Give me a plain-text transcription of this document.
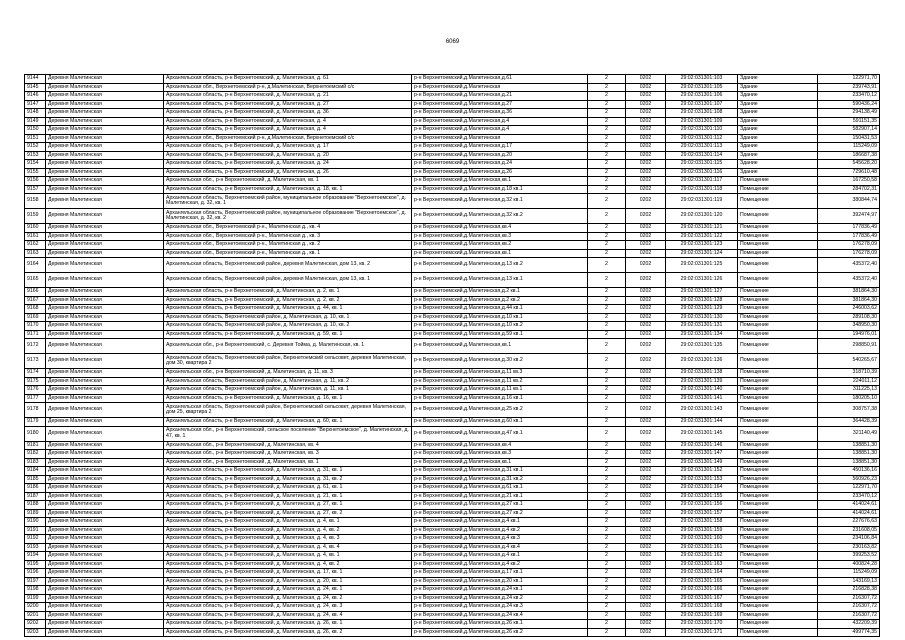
6069
9144	Деревня Малетинская	Архангельская область, р-н Верхнетоемский, д. Малетинская, д. 61	р-н Верхнетоемский,д.Малетинская,д.61	2	0202	29:02:031301:103	Здание	122971,70
9145	Деревня Малетинская	Архангельская обл., Верхнетоемский р-н, д.Малетинская, Верхнетоемский с/с	р-н Верхнетоемский,д.Малетинская	2	0202	29:02:031301:105	Здание	239743,91
9146	Деревня Малетинская	Архангельская область, р-н Верхнетоемский, д. Малетинская, д. 21	р-н Верхнетоемский,д.Малетинская,д.21	2	0202	29:02:031301:106	Здание	233470,12
9147	Деревня Малетинская	Архангельская область, р-н Верхнетоемский, д. Малетинская, д. 27	р-н Верхнетоемский,д.Малетинская,д.27	2	0202	29:02:031301:107	Здание	590436,24
9148	Деревня Малетинская	Архангельская область, р-н Верхнетоемский, д. Малетинская, д. 36	р-н Верхнетоемский,д.Малетинская,д.36	2	0202	29:02:031301:108	Здание	294138,49
9149	Деревня Малетинская	Архангельская область, р-н Верхнетоемский, д. Малетинская, д. 4	р-н Верхнетоемский,д.Малетинская,д.4	2	0202	29:02:031301:109	Здание	591151,35
9150	Деревня Малетинская	Архангельская область, р-н Верхнетоемский, д. Малетинская, д. 4	р-н Верхнетоемский,д.Малетинская,д.4	2	0202	29:02:031301:110	Здание	582907,14
9151	Деревня Малетинская	Архангельская обл., Верхнетоемский р-н, д.Малетинская, Верхнетоемский с/с	р-н Верхнетоемский,д.Малетинская	2	0202	29:02:031301:112	Здание	150431,53
9152	Деревня Малетинская	Архангельская область, р-н Верхнетоемский, д. Малетинская, д. 17	р-н Верхнетоемский,д.Малетинская,д.17	2	0202	29:02:031301:113	Здание	115249,09
9153	Деревня Малетинская	Архангельская область, р-н Верхнетоемский, д. Малетинская, д. 20	р-н Верхнетоемский,д.Малетинская,д.20	2	0202	29:02:031301:114	Здание	186687,38
9154	Деревня Малетинская	Архангельская область, р-н Верхнетоемский, д. Малетинская, д. 24	р-н Верхнетоемский,д.Малетинская,д.24	2	0202	29:02:031301:115	Здание	545628,20
9155	Деревня Малетинская	Архангельская область, р-н Верхнетоемский, д. Малетинская, д. 26	р-н Верхнетоемский,д.Малетинская,д.26	2	0202	29:02:031301:116	Здание	729610,48
9156	Деревня Малетинская	Архангельская обл., р-н Верхнетоемский, д. Малетинская, кв. 1	р-н Верхнетоемский,д.Малетинская,кв.1	2	0202	29:02:031301:117	Помещение	167250,58
9157	Деревня Малетинская	Архангельская область, р-н Верхнетоемский, д. Малетинская, д. 18, кв. 1	р-н Верхнетоемский,д.Малетинская,д.18 кв.1	2	0202	29:02:031301:118	Помещение	284702,31
9158	Деревня Малетинская	Архангельская область, Верхнетоемский район, муниципальное образование "Верхнетоемское", д. Малетинская, д. 32, кв. 1	р-н Верхнетоемский,д.Малетинская,д.32 кв.1	2	0202	29:02:031301:119	Помещение	380844,74
9159	Деревня Малетинская	Архангельская область, Верхнетоемский район, муниципальное образование "Верхнетоемское", д. Малетинская, д. 32, кв. 2	р-н Верхнетоемский,д.Малетинская,д.32 кв.2	2	0202	29:02:031301:120	Помещение	392474,97
9160	Деревня Малетинская	Архангельская обл., Верхнетоемский р-н., Малетинская д., кв. 4	р-н Верхнетоемский,д.Малетинская,кв.4	2	0202	29:02:031301:121	Помещение	177836,49
9161	Деревня Малетинская	Архангельская обл., Верхнетоемский р-н., Малетинская д., кв. 3	р-н Верхнетоемский,д.Малетинская,кв.3	2	0202	29:02:031301:122	Помещение	177836,49
9162	Деревня Малетинская	Архангельская обл., Верхнетоемский р-н., Малетинская д., кв. 2	р-н Верхнетоемский,д.Малетинская,кв.2	2	0202	29:02:031301:123	Помещение	176278,09
9163	Деревня Малетинская	Архангельская обл., Верхнетоемский р-н., Малетинская д., кв. 1	р-н Верхнетоемский,д.Малетинская,кв.1	2	0202	29:02:031301:124	Помещение	176278,09
9164	Деревня Малетинская	Архангельская область, Верхнетоемский район, деревня Малетинская, дом 13, кв. 2	р-н Верхнетоемский,д.Малетинская,д.13 кв.2	2	0202	29:02:031301:125	Помещение	435372,40
9165	Деревня Малетинская	Архангельская область, Верхнетоемский район, деревня Малетинская, дом 13, кв. 1	р-н Верхнетоемский,д.Малетинская,д.13 кв.1	2	0202	29:02:031301:126	Помещение	435372,40
9166	Деревня Малетинская	Архангельская область, р-н Верхнетоемский, д. Малетинская, д. 2, кв. 1	р-н Верхнетоемский,д.Малетинская,д.2 кв.1	2	0202	29:02:031301:127	Помещение	381864,30
9167	Деревня Малетинская	Архангельская область, р-н Верхнетоемский, д. Малетинская, д. 2, кв. 2	р-н Верхнетоемский,д.Малетинская,д.2 кв.2	2	0202	29:02:031301:128	Помещение	381864,30
9168	Деревня Малетинская	Архангельская область, р-н Верхнетоемский, д. Малетинская, д. 44, кв. 1	р-н Верхнетоемский,д.Малетинская,д.44 кв.1	2	0202	29:02:031301:129	Помещение	246003,62
9169	Деревня Малетинская	Архангельская область, Верхнетоемский район, д. Малетинская, д. 10, кв. 1	р-н Верхнетоемский,д.Малетинская,д.10 кв.1	2	0202	29:02:031301:130	Помещение	289108,30
9170	Деревня Малетинская	Архангельская область, Верхнетоемский район, д. Малетинская, д. 10, кв. 2	р-н Верхнетоемский,д.Малетинская,д.10 кв.2	2	0202	29:02:031301:131	Помещение	348950,30
9171	Деревня Малетинская	Архангельская область, р-н Верхнетоемский, д. Малетинская, д. 59, кв. 1	р-н Верхнетоемский,д.Малетинская,д.59 кв.1	2	0202	29:02:031301:134	Помещение	194976,01
9172	Деревня Малетинская	Архангельская обл., р-н Верхнетоемский, с. Деревня Тойма, д. Малетинская, кв. 1	р-н Верхнетоемский,д.Малетинская,кв.1	2	0202	29:02:031301:135	Помещение	298850,91
9173	Деревня Малетинская	Архангельская область, Верхнетоемский район, Верхнетоемский сельсовет, деревня Малетинская, дом 30, квартира 2	р-н Верхнетоемский,д.Малетинская,д.30 кв.2	2	0202	29:02:031301:136	Помещение	540265,67
9174	Деревня Малетинская	Архангельская обл., р-н Верхнетоемский, д. Малетинская, д. 11, кв. 3	р-н Верхнетоемский,д.Малетинская,д.11 кв.3	2	0202	29:02:031301:138	Помещение	318710,39
9175	Деревня Малетинская	Архангельская область, Верхнетоемский район, д. Малетинская, д. 11, кв. 2	р-н Верхнетоемский,д.Малетинская,д.11 кв.2	2	0202	29:02:031301:139	Помещение	224011,12
9176	Деревня Малетинская	Архангельская область, Верхнетоемский район, д. Малетинская, д. 11, кв. 1	р-н Верхнетоемский,д.Малетинская,д.11 кв.1	2	0202	29:02:031301:140	Помещение	311225,13
9177	Деревня Малетинская	Архангельская область, р-н Верхнетоемский, д. Малетинская, д. 16, кв. 1	р-н Верхнетоемский,д.Малетинская,д.16 кв.1	2	0202	29:02:031301:141	Помещение	180205,10
9178	Деревня Малетинская	Архангельская область, Верхнетоемский район, Верхнетоемский сельсовет, деревня Малетинская, дом 25, квартира 2	р-н Верхнетоемский,д.Малетинская,д.25 кв.2	2	0202	29:02:031301:143	Помещение	308757,38
9179	Деревня Малетинская	Архангельская область, р-н Верхнетоемский, д. Малетинская, д. 60, кв. 1	р-н Верхнетоемский,д.Малетинская,д.60 кв.1	2	0202	29:02:031301:144	Помещение	364428,39
9180	Деревня Малетинская	Архангельская обл., р-н Верхнетоемский, сельское поселение "Верхнетоемское", д. Малетинская, д. 47, кв. 1	р-н Верхнетоемский,д.Малетинская,д.47 кв.1	2	0202	29:02:031301:145	Помещение	321140,49
9181	Деревня Малетинская	Архангельская обл., р-н Верхнетоемский, д. Малетинская, кв. 4	р-н Верхнетоемский,д.Малетинская,кв.4	2	0202	29:02:031301:146	Помещение	138851,30
9182	Деревня Малетинская	Архангельская обл., р-н Верхнетоемский, д. Малетинская, кв. 3	р-н Верхнетоемский,д.Малетинская,кв.3	2	0202	29:02:031301:147	Помещение	138851,30
9183	Деревня Малетинская	Архангельская обл., р-н Верхнетоемский, д. Малетинская, кв. 1	р-н Верхнетоемский,д.Малетинская,кв.1	2	0202	29:02:031301:149	Помещение	138851,30
9184	Деревня Малетинская	Архангельская область, р-н Верхнетоемский, д. Малетинская, д. 31, кв. 1	р-н Верхнетоемский,д.Малетинская,д.31 кв.1	2	0202	29:02:031301:152	Помещение	450136,16
9185	Деревня Малетинская	Архангельская область, р-н Верхнетоемский, д. Малетинская, д. 31, кв. 2	р-н Верхнетоемский,д.Малетинская,д.31 кв.2	2	0202	29:02:031301:153	Помещение	560926,23
9186	Деревня Малетинская	Архангельская область, р-н Верхнетоемский, д. Малетинская, д. 61, кв. 1	р-н Верхнетоемский,д.Малетинская,д.61 кв.1	2	0202	29:02:031301:164	Помещение	122971,70
9187	Деревня Малетинская	Архангельская область, р-н Верхнетоемский, д. Малетинская, д. 21, кв. 1	р-н Верхнетоемский,д.Малетинская,д.21 кв.1	2	0202	29:02:031301:155	Помещение	233470,12
9188	Деревня Малетинская	Архангельская область, р-н Верхнетоемский, д. Малетинская, д. 27, кв. 1	р-н Верхнетоемский,д.Малетинская,д.27 кв.1	2	0202	29:02:031301:156	Помещение	414024,61
9189	Деревня Малетинская	Архангельская область, р-н Верхнетоемский, д. Малетинская, д. 27, кв. 2	р-н Верхнетоемский,д.Малетинская,д.27 кв.2	2	0202	29:02:031301:157	Помещение	414024,61
9190	Деревня Малетинская	Архангельская область, р-н Верхнетоемский, д. Малетинская, д. 4, кв. 1	р-н Верхнетоемский,д.Малетинская,д.4 кв.1	2	0202	29:02:031301:158	Помещение	227676,63
9191	Деревня Малетинская	Архангельская область, р-н Верхнетоемский, д. Малетинская, д. 4, кв. 2	р-н Верхнетоемский,д.Малетинская,д.4 кв.2	2	0202	29:02:031301:159	Помещение	231608,05
9192	Деревня Малетинская	Архангельская область, р-н Верхнетоемский, д. Малетинская, д. 4, кв. 3	р-н Верхнетоемский,д.Малетинская,д.4 кв.3	2	0202	29:02:031301:160	Помещение	234106,84
9193	Деревня Малетинская	Архангельская область, р-н Верхнетоемский, д. Малетинская, д. 4, кв. 4	р-н Верхнетоемский,д.Малетинская,д.4 кв.4	2	0202	29:02:031301:161	Помещение	230163,82
9194	Деревня Малетинская	Архангельская область, р-н Верхнетоемский, д. Малетинская, д. 4, кв. 1	р-н Верхнетоемский,д.Малетинская,д.4 кв.1	2	0202	29:02:031301:162	Помещение	399253,52
9195	Деревня Малетинская	Архангельская область, р-н Верхнетоемский, д. Малетинская, д. 4, кв. 2	р-н Верхнетоемский,д.Малетинская,д.4 кв.2	2	0202	29:02:031301:163	Помещение	400824,28
9196	Деревня Малетинская	Архангельская область, р-н Верхнетоемский, д. Малетинская, д. 17, кв. 1	р-н Верхнетоемский,д.Малетинская,д.17 кв.1	2	0202	29:02:031301:164	Помещение	115249,09
9197	Деревня Малетинская	Архангельская область, р-н Верхнетоемский, д. Малетинская, д. 20, кв. 1	р-н Верхнетоемский,д.Малетинская,д.20 кв.1	2	0202	29:02:031301:165	Помещение	143169,13
9198	Деревня Малетинская	Архангельская область, р-н Верхнетоемский, д. Малетинская, д. 24, кв. 1	р-н Верхнетоемский,д.Малетинская,д.24 кв.1	2	0202	29:02:031301:166	Помещение	216828,38
9199	Деревня Малетинская	Архангельская область, р-н Верхнетоемский, д. Малетинская, д. 24, кв. 2	р-н Верхнетоемский,д.Малетинская,д.24 кв.2	2	0202	29:02:031301:167	Помещение	216307,72
9200	Деревня Малетинская	Архангельская область, р-н Верхнетоемский, д. Малетинская, д. 24, кв. 3	р-н Верхнетоемский,д.Малетинская,д.24 кв.3	2	0202	29:02:031301:168	Помещение	216307,72
9201	Деревня Малетинская	Архангельская область, р-н Верхнетоемский, д. Малетинская, д. 24, кв. 4	р-н Верхнетоемский,д.Малетинская,д.24 кв.4	2	0202	29:02:031301:169	Помещение	216307,72
9202	Деревня Малетинская	Архангельская область, р-н Верхнетоемский, д. Малетинская, д. 26, кв. 1	р-н Верхнетоемский,д.Малетинская,д.26 кв.1	2	0202	29:02:031301:170	Помещение	432209,39
9203	Деревня Малетинская	Архангельская область, р-н Верхнетоемский, д. Малетинская, д. 26, кв. 2	р-н Верхнетоемский,д.Малетинская,д.26 кв.2	2	0202	29:02:031301:171	Помещение	499774,35
